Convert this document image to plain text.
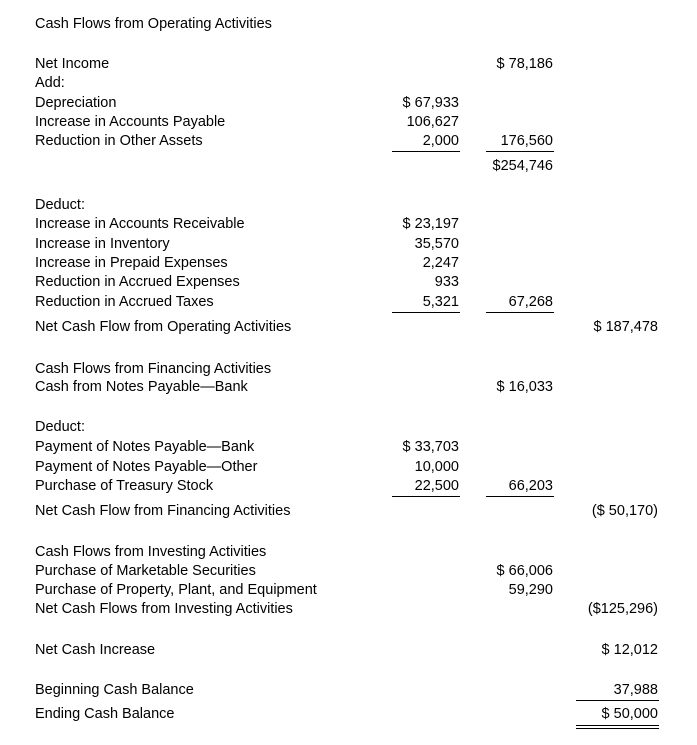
Cash Flows from Operating Activities
Net Income	$ 78,186
Add:
Depreciation	$ 67,933
Increase in Accounts Payable	106,627
Reduction in Other Assets	2,000	176,560
$254,746
Deduct:
Increase in Accounts Receivable	$ 23,197
Increase in Inventory	35,570
Increase in Prepaid Expenses	2,247
Reduction in Accrued Expenses	933
Reduction in Accrued Taxes	5,321	67,268
Net Cash Flow from Operating Activities	$ 187,478
Cash Flows from Financing Activities
Cash from Notes Payable—Bank	$ 16,033
Deduct:
Payment of Notes Payable—Bank	$ 33,703
Payment of Notes Payable—Other	10,000
Purchase of Treasury Stock	22,500	66,203
Net Cash Flow from Financing Activities	($ 50,170)
Cash Flows from Investing Activities
Purchase of Marketable Securities	$ 66,006
Purchase of Property, Plant, and Equipment	59,290
Net Cash Flows from Investing Activities	($125,296)
Net Cash Increase	$ 12,012
Beginning Cash Balance	37,988
Ending Cash Balance	$ 50,000
